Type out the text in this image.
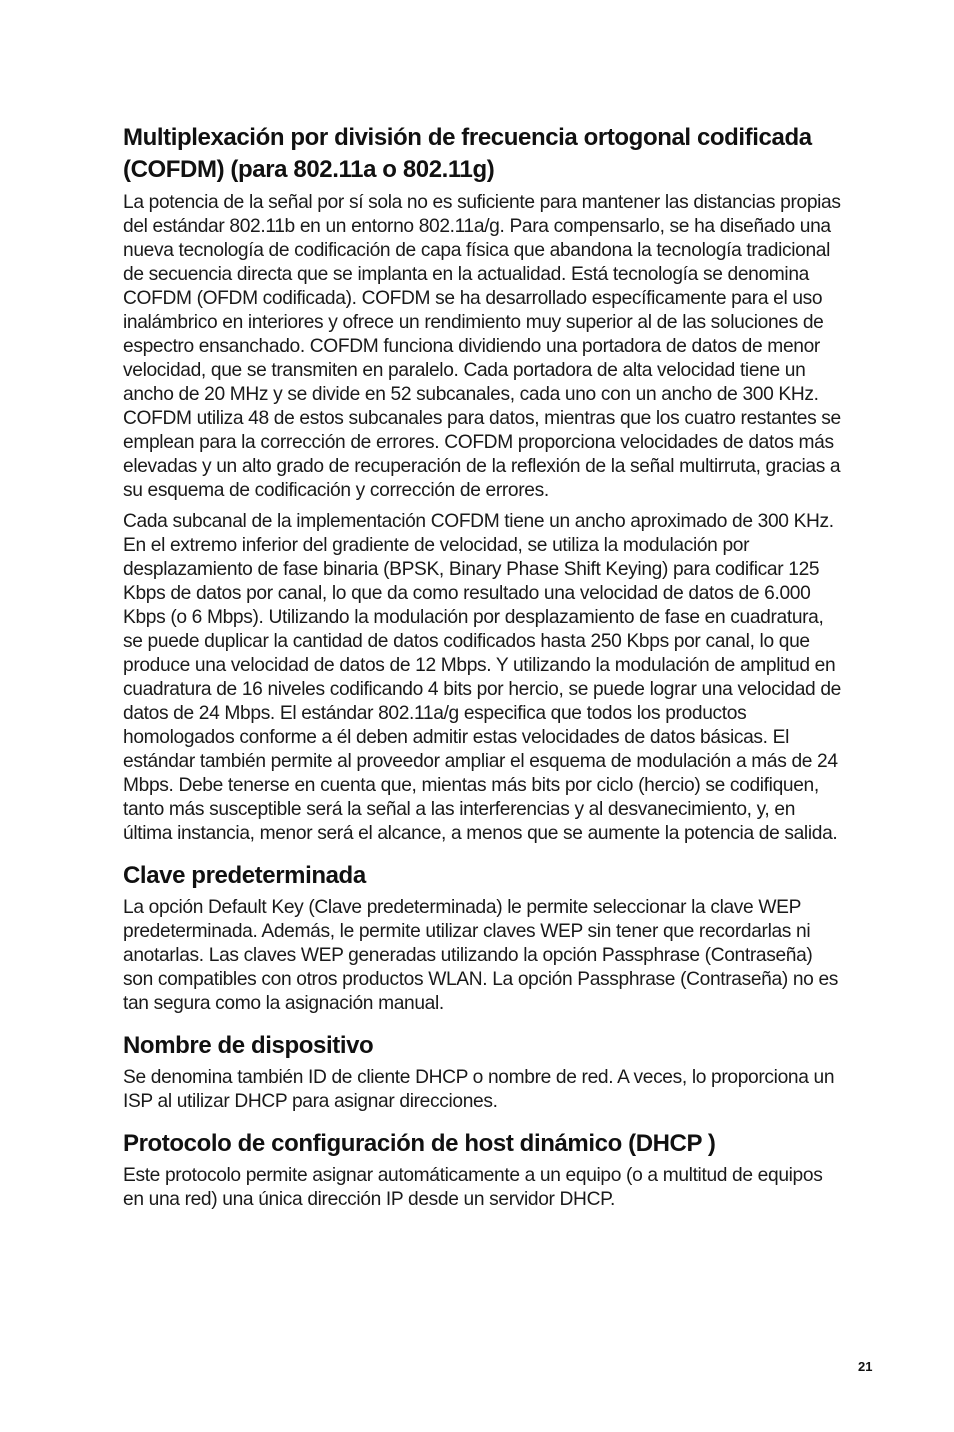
Multiplexación por división de frecuencia ortogonal codificada (COFDM) (para 802.11a o 802.11g)

La potencia de la señal por sí sola no es suficiente para mantener las distancias propias del estándar 802.11b en un entorno 802.11a/g. Para compensarlo, se ha diseñado una nueva tecnología de codificación de capa física que abandona la tecnología tradicional de secuencia directa que se implanta en la actualidad. Está tecnología se denomina COFDM (OFDM codificada). COFDM se ha desarrollado específicamente para el uso inalámbrico en interiores y ofrece un rendimiento muy superior al de las soluciones de espectro ensanchado. COFDM funciona dividiendo una portadora de datos de menor velocidad, que se transmiten en paralelo. Cada portadora de alta velocidad tiene un ancho de 20 MHz y se divide en 52 subcanales, cada uno con un ancho de 300 KHz. COFDM utiliza 48 de estos subcanales para datos, mientras que los cuatro restantes se emplean para la corrección de errores. COFDM proporciona velocidades de datos más elevadas y un alto grado de recuperación de la reflexión de la señal multirruta, gracias a su esquema de codificación y corrección de errores.

Cada subcanal de la implementación COFDM tiene un ancho aproximado de 300 KHz. En el extremo inferior del gradiente de velocidad, se utiliza la modulación por desplazamiento de fase binaria (BPSK, Binary Phase Shift Keying) para codificar 125 Kbps de datos por canal, lo que da como resultado una velocidad de datos de 6.000 Kbps (o 6 Mbps). Utilizando la modulación por desplazamiento de fase en cuadratura, se puede duplicar la cantidad de datos codificados hasta 250 Kbps por canal, lo que produce una velocidad de datos de 12 Mbps. Y utilizando la modulación de amplitud en cuadratura de 16 niveles codificando 4 bits por hercio, se puede lograr una velocidad de datos de 24 Mbps. El estándar 802.11a/g especifica que todos los productos homologados conforme a él deben admitir estas velocidades de datos básicas. El estándar también permite al proveedor ampliar el esquema de modulación a más de 24 Mbps. Debe tenerse en cuenta que, mientas más bits por ciclo (hercio) se codifiquen, tanto más susceptible será la señal a las interferencias y al desvanecimiento, y, en última instancia, menor será el alcance, a menos que se aumente la potencia de salida.

Clave predeterminada

La opción Default Key (Clave predeterminada) le permite seleccionar la clave WEP predeterminada. Además, le permite utilizar claves WEP sin tener que recordarlas ni anotarlas. Las claves WEP generadas utilizando la opción Passphrase (Contraseña) son compatibles con otros productos WLAN. La opción Passphrase (Contraseña) no es tan segura como la asignación manual.

Nombre de dispositivo

Se denomina también ID de cliente DHCP o nombre de red. A veces, lo proporciona un ISP al utilizar DHCP para asignar direcciones.

Protocolo de configuración de host dinámico (DHCP )

Este protocolo permite asignar automáticamente a un equipo (o a multitud de equipos en una red) una única dirección IP desde un servidor DHCP.

21
